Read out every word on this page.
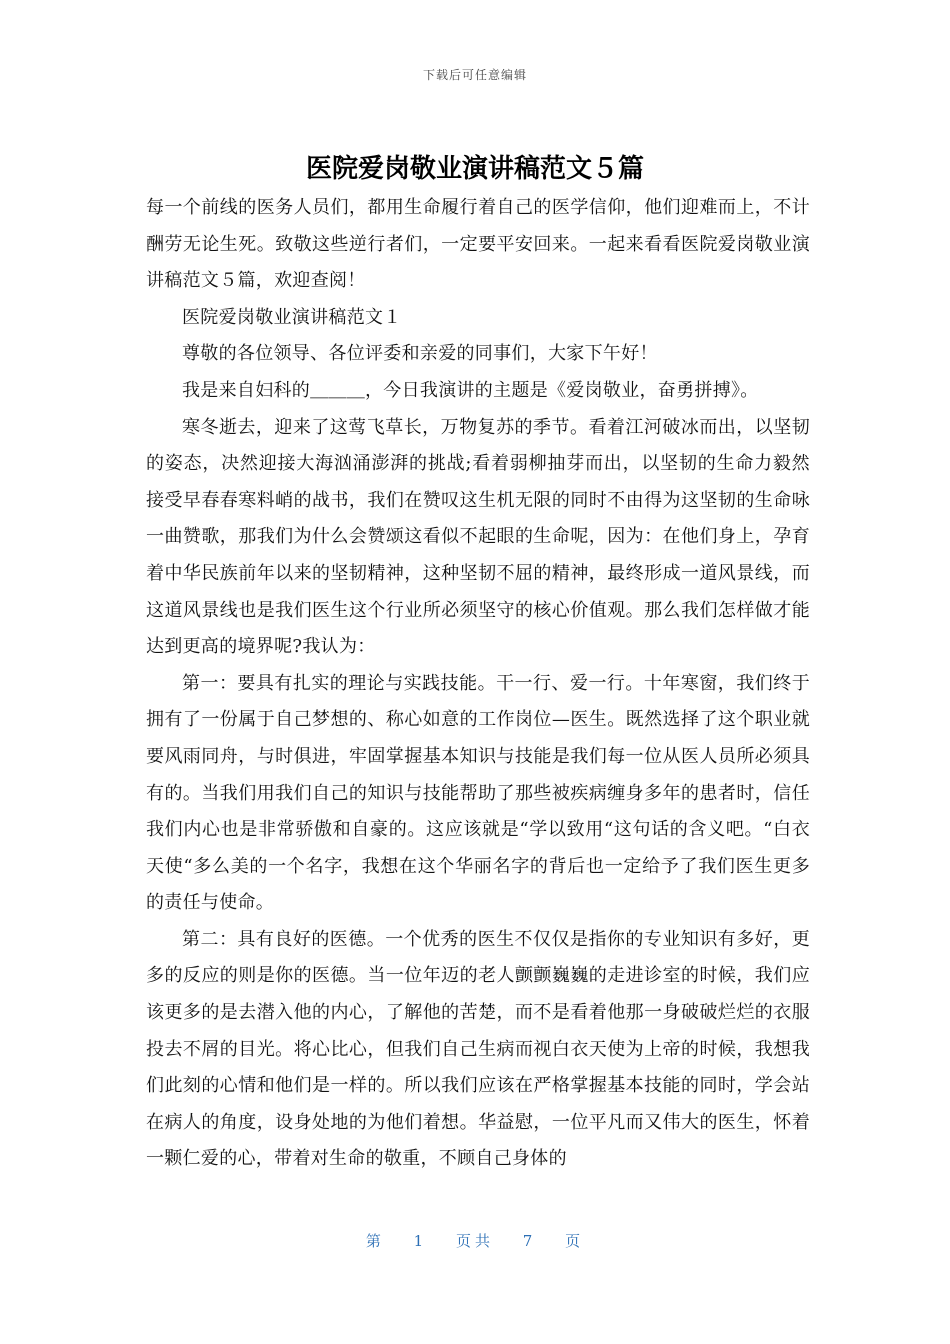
下载后可任意编辑
医院爱岗敬业演讲稿范文５篇

每一个前线的医务人员们，都用生命履行着自己的医学信仰，他们迎难而上，不计酬劳无论生死。致敬这些逆行者们，一定要平安回来。一起来看看医院爱岗敬业演讲稿范文５篇，欢迎查阅！

医院爱岗敬业演讲稿范文１

尊敬的各位领导、各位评委和亲爱的同事们，大家下午好！

我是来自妇科的＿＿＿，今日我演讲的主题是《爱岗敬业，奋勇拼搏》。

寒冬逝去，迎来了这莺飞草长，万物复苏的季节。看着江河破冰而出，以坚韧的姿态，决然迎接大海汹涌澎湃的挑战;看着弱柳抽芽而出，以坚韧的生命力毅然接受早春春寒料峭的战书，我们在赞叹这生机无限的同时不由得为这坚韧的生命咏一曲赞歌，那我们为什么会赞颂这看似不起眼的生命呢，因为：在他们身上，孕育着中华民族前年以来的坚韧精神，这种坚韧不屈的精神，最终形成一道风景线，而这道风景线也是我们医生这个行业所必须坚守的核心价值观。那么我们怎样做才能达到更高的境界呢?我认为：

第一：要具有扎实的理论与实践技能。干一行、爱一行。十年寒窗，我们终于拥有了一份属于自己梦想的、称心如意的工作岗位—医生。既然选择了这个职业就要风雨同舟，与时俱进，牢固掌握基本知识与技能是我们每一位从医人员所必须具有的。当我们用我们自己的知识与技能帮助了那些被疾病缠身多年的患者时，信任我们内心也是非常骄傲和自豪的。这应该就是“学以致用“这句话的含义吧。“白衣天使“多么美的一个名字，我想在这个华丽名字的背后也一定给予了我们医生更多的责任与使命。

第二：具有良好的医德。一个优秀的医生不仅仅是指你的专业知识有多好，更多的反应的则是你的医德。当一位年迈的老人颤颤巍巍的走进诊室的时候，我们应该更多的是去潜入他的内心，了解他的苦楚，而不是看着他那一身破破烂烂的衣服投去不屑的目光。将心比心，但我们自己生病而视白衣天使为上帝的时候，我想我们此刻的心情和他们是一样的。所以我们应该在严格掌握基本技能的同时，学会站在病人的角度，设身处地的为他们着想。华益慰，一位平凡而又伟大的医生，怀着一颗仁爱的心，带着对生命的敬重，不顾自己身体的

第 1 页共 7 页
